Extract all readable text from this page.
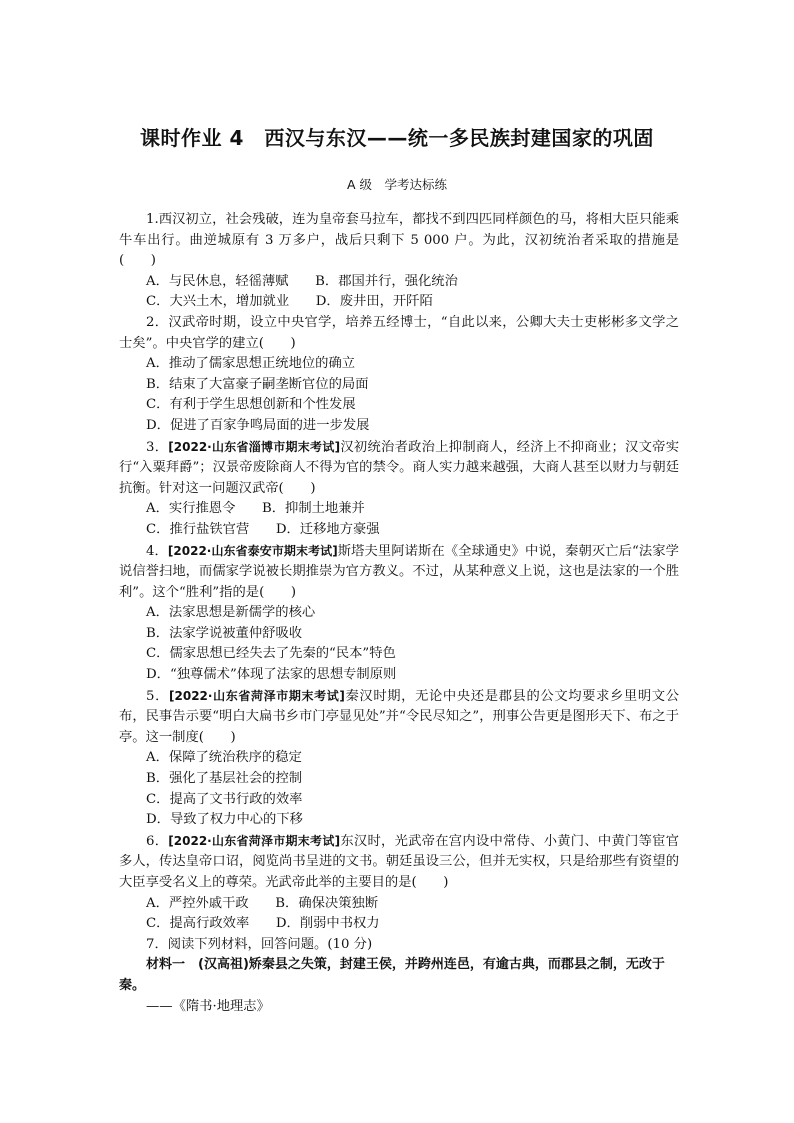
课时作业 4　西汉与东汉——统一多民族封建国家的巩固
A 级　学考达标练

1.西汉初立，社会残破，连为皇帝套马拉车，都找不到四匹同样颜色的马，将相大臣只能乘牛车出行。曲逆城原有 3 万多户，战后只剩下 5 000 户。为此，汉初统治者采取的措施是(　　)

A．与民休息，轻徭薄赋　　B．郡国并行，强化统治

C．大兴土木，增加就业　　D．废井田，开阡陌

2．汉武帝时期，设立中央官学，培养五经博士，“自此以来，公卿大夫士吏彬彬多文学之士矣”。中央官学的建立(　　)

A．推动了儒家思想正统地位的确立

B．结束了大富豪子嗣垄断官位的局面

C．有利于学生思想创新和个性发展

D．促进了百家争鸣局面的进一步发展

3．[2022·山东省淄博市期末考试]汉初统治者政治上抑制商人，经济上不抑商业；汉文帝实行“入粟拜爵”；汉景帝废除商人不得为官的禁令。商人实力越来越强，大商人甚至以财力与朝廷抗衡。针对这一问题汉武帝(　　)

A．实行推恩令　　B．抑制土地兼并

C．推行盐铁官营　　D．迁移地方豪强

4．[2022·山东省泰安市期末考试]斯塔夫里阿诺斯在《全球通史》中说，秦朝灭亡后“法家学说信誉扫地，而儒家学说被长期推崇为官方教义。不过，从某种意义上说，这也是法家的一个胜利”。这个“胜利”指的是(　　)

A．法家思想是新儒学的核心

B．法家学说被董仲舒吸收

C．儒家思想已经失去了先秦的“民本”特色

D．“独尊儒术”体现了法家的思想专制原则

5．[2022·山东省菏泽市期末考试]秦汉时期，无论中央还是郡县的公文均要求乡里明文公布，民事告示要“明白大扁书乡市门亭显见处”并“令民尽知之”，刑事公告更是图形天下、布之于亭。这一制度(　　)

A．保障了统治秩序的稳定

B．强化了基层社会的控制

C．提高了文书行政的效率

D．导致了权力中心的下移

6．[2022·山东省菏泽市期末考试]东汉时，光武帝在宫内设中常侍、小黄门、中黄门等宦官多人，传达皇帝口诏，阅览尚书呈进的文书。朝廷虽设三公，但并无实权，只是给那些有资望的大臣享受名义上的尊荣。光武帝此举的主要目的是(　　)

A．严控外戚干政　　B．确保决策独断

C．提高行政效率　　D．削弱中书权力

7．阅读下列材料，回答问题。(10 分)

材料一　(汉高祖)矫秦县之失策，封建王侯，并跨州连邑，有逾古典，而郡县之制，无改于秦。

——《隋书·地理志》
